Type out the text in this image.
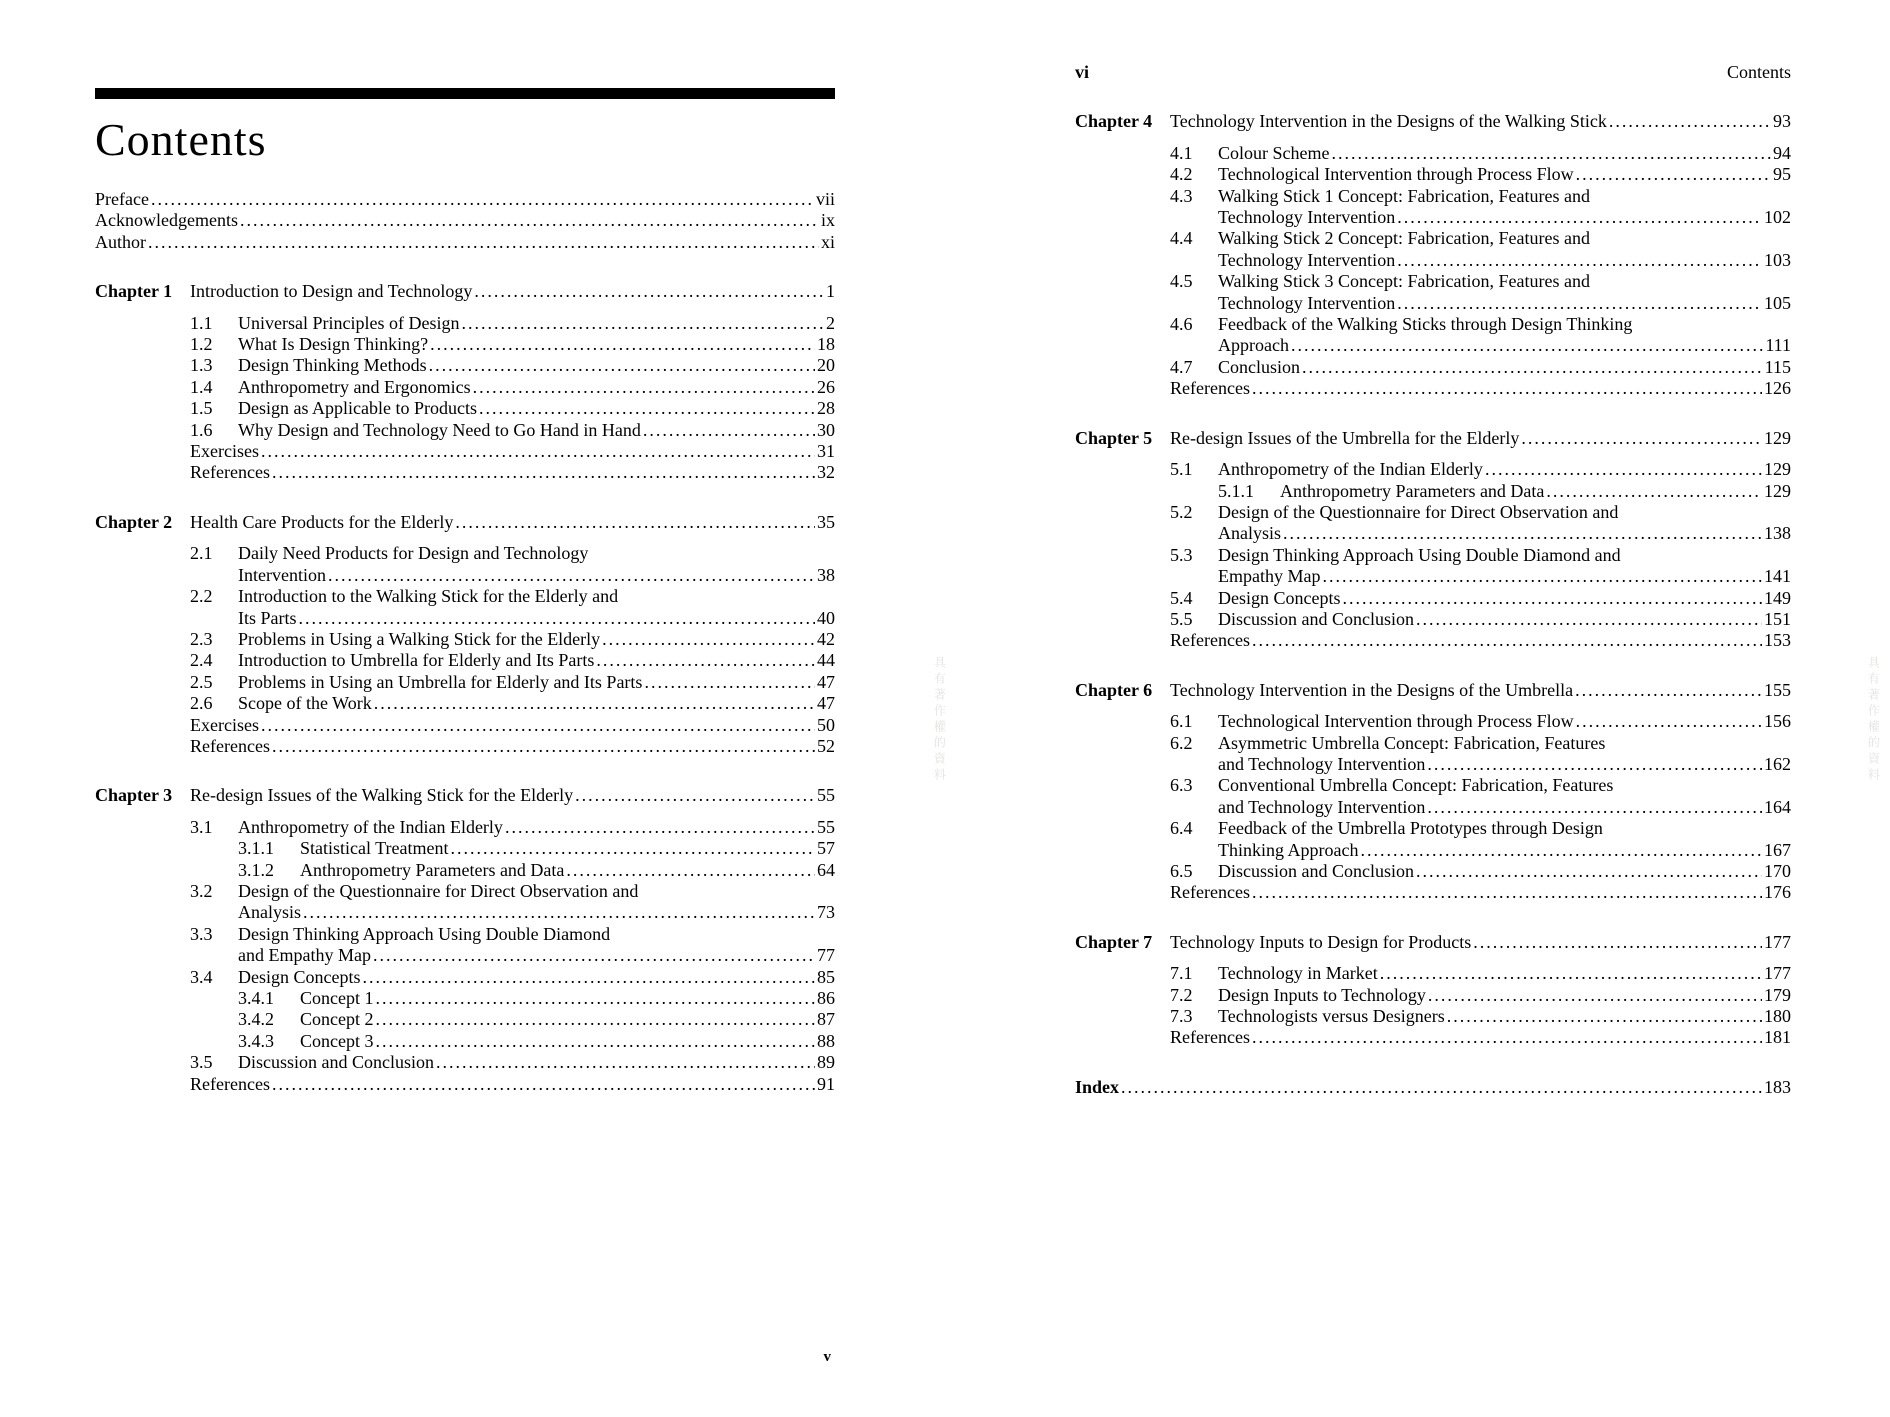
Contents
Preface .....	vii
Acknowledgements .....	ix
Author .....	xi
Chapter 1 Introduction to Design and Technology .....	1
1.1	Universal Principles of Design .....	2
1.2	What Is Design Thinking? .....	18
1.3	Design Thinking Methods .....	20
1.4	Anthropometry and Ergonomics .....	26
1.5	Design as Applicable to Products .....	28
1.6	Why Design and Technology Need to Go Hand in Hand .....	30
Exercises .....	31
References .....	32
Chapter 2 Health Care Products for the Elderly .....	35
2.1	Daily Need Products for Design and Technology

Intervention .....	38
2.2	Introduction to the Walking Stick for the Elderly and

Its Parts .....	40
2.3	Problems in Using a Walking Stick for the Elderly .....	42
2.4	Introduction to Umbrella for Elderly and Its Parts .....	44
2.5	Problems in Using an Umbrella for Elderly and Its Parts .....	47
2.6	Scope of the Work .....	47
Exercises .....	50
References .....	52
Chapter 3 Re-design Issues of the Walking Stick for the Elderly .....	55
3.1	Anthropometry of the Indian Elderly .....	55
3.1.1	Statistical Treatment .....	57
3.1.2	Anthropometry Parameters and Data .....	64
3.2	Design of the Questionnaire for Direct Observation and

Analysis .....	73
3.3	Design Thinking Approach Using Double Diamond

and Empathy Map .....	77
3.4	Design Concepts .....	85
3.4.1	Concept 1 .....	86
3.4.2	Concept 2 .....	87
3.4.3	Concept 3 .....	88
3.5	Discussion and Conclusion .....	89
References .....	91
v
vi	Contents
Chapter 4 Technology Intervention in the Designs of the Walking Stick .....	93
4.1	Colour Scheme .....	94
4.2	Technological Intervention through Process Flow .....	95
4.3	Walking Stick 1 Concept: Fabrication, Features and

Technology Intervention .....	102
4.4	Walking Stick 2 Concept: Fabrication, Features and

Technology Intervention .....	103
4.5	Walking Stick 3 Concept: Fabrication, Features and

Technology Intervention .....	105
4.6	Feedback of the Walking Sticks through Design Thinking

Approach .....	111
4.7	Conclusion .....	115
References .....	126
Chapter 5 Re-design Issues of the Umbrella for the Elderly .....	129
5.1	Anthropometry of the Indian Elderly .....	129
5.1.1	Anthropometry Parameters and Data .....	129
5.2	Design of the Questionnaire for Direct Observation and

Analysis .....	138
5.3	Design Thinking Approach Using Double Diamond and

Empathy Map .....	141
5.4	Design Concepts .....	149
5.5	Discussion and Conclusion .....	151
References .....	153
Chapter 6 Technology Intervention in the Designs of the Umbrella .....	155
6.1	Technological Intervention through Process Flow .....	156
6.2	Asymmetric Umbrella Concept: Fabrication, Features

and Technology Intervention .....	162
6.3	Conventional Umbrella Concept: Fabrication, Features

and Technology Intervention .....	164
6.4	Feedback of the Umbrella Prototypes through Design

Thinking Approach .....	167
6.5	Discussion and Conclusion .....	170
References .....	176
Chapter 7 Technology Inputs to Design for Products .....	177
7.1	Technology in Market .....	177
7.2	Design Inputs to Technology .....	179
7.3	Technologists versus Designers .....	180
References .....	181
Index .....	183
具有著作權的資料	具有著作權的資料
